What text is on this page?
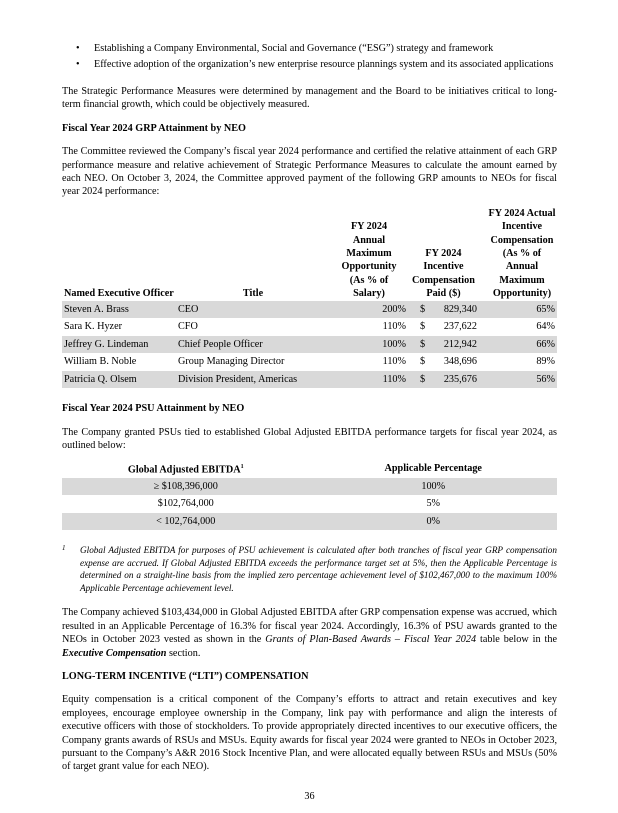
• Establishing a Company Environmental, Social and Governance (“ESG”) strategy and framework
• Effective adoption of the organization’s new enterprise resource plannings system and its associated applications

The Strategic Performance Measures were determined by management and the Board to be initiatives critical to long-term financial growth, which could be objectively measured.

Fiscal Year 2024 GRP Attainment by NEO

The Committee reviewed the Company’s fiscal year 2024 performance and certified the relative attainment of each GRP performance measure and relative achievement of Strategic Performance Measures to calculate the amount earned by each NEO. On October 3, 2024, the Committee approved payment of the following GRP amounts to NEOs for fiscal year 2024 performance:

Named Executive Officer	Title	FY 2024 Annual Maximum Opportunity (As % of Salary)	FY 2024 Incentive Compensation Paid ($)		FY 2024 Actual Incentive Compensation (As % of Annual Maximum Opportunity)
Steven A. Brass	CEO	200%	$	829,340	65%
Sara K. Hyzer	CFO	110%	$	237,622	64%
Jeffrey G. Lindeman	Chief People Officer	100%	$	212,942	66%
William B. Noble	Group Managing Director	110%	$	348,696	89%
Patricia Q. Olsem	Division President, Americas	110%	$	235,676	56%
Fiscal Year 2024 PSU Attainment by NEO

The Company granted PSUs tied to established Global Adjusted EBITDA performance targets for fiscal year 2024, as outlined below:

Global Adjusted EBITDA$^1$	Applicable Percentage
≥ $108,396,000	100%
$102,764,000	5%
< 102,764,000	0%

1 Global Adjusted EBITDA for purposes of PSU achievement is calculated after both tranches of fiscal year GRP compensation expense are accrued. If Global Adjusted EBITDA exceeds the performance target set at 5%, then the Applicable Percentage is determined on a straight-line basis from the implied zero percentage achievement level of $102,467,000 to the maximum 100% Applicable Percentage achievement level.

The Company achieved $103,434,000 in Global Adjusted EBITDA after GRP compensation expense was accrued, which resulted in an Applicable Percentage of 16.3% for fiscal year 2024. Accordingly, 16.3% of PSU awards granted to the NEOs in October 2023 vested as shown in the Grants of Plan-Based Awards – Fiscal Year 2024 table below in the Executive Compensation section.

LONG-TERM INCENTIVE (“LTI”) COMPENSATION

Equity compensation is a critical component of the Company’s efforts to attract and retain executives and key employees, encourage employee ownership in the Company, link pay with performance and align the interests of executive officers with those of stockholders. To provide appropriately directed incentives to our executive officers, the Company grants awards of RSUs and MSUs. Equity awards for fiscal year 2024 were granted to NEOs in October 2023, pursuant to the Company’s A&R 2016 Stock Incentive Plan, and were allocated equally between RSUs and MSUs (50% of target grant value for each NEO).

36
